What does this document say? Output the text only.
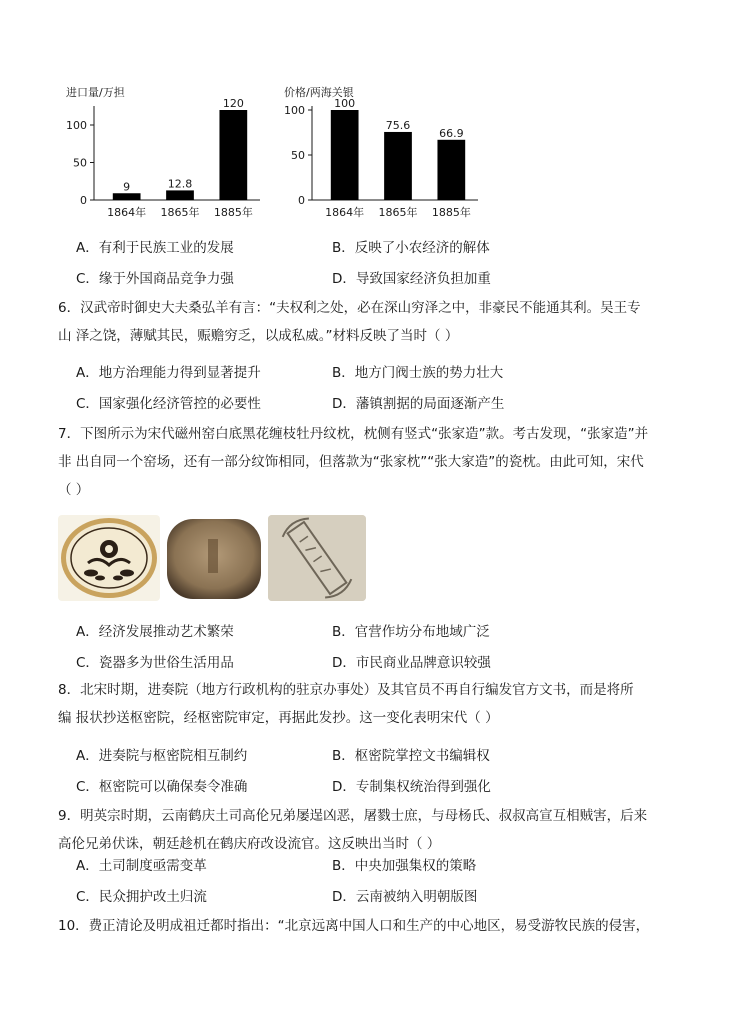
进口量/万担
0
50
100
9
1864年
12.8
1865年
120
1885年
价格/两海关银
0
50
100
100
1864年
75.6
1865年
66.9
1885年
A．有利于民族工业的发展	B．反映了小农经济的解体
C．缘于外国商品竞争力强	D．导致国家经济负担加重
6．汉武帝时御史大夫桑弘羊有言：“夫权利之处，必在深山穷泽之中，非豪民不能通其利。吴王专
山 泽之饶，薄赋其民，赈赡穷乏，以成私威。”材料反映了当时（ ）
A．地方治理能力得到显著提升	B．地方门阀士族的势力壮大
C．国家强化经济管控的必要性	D．藩镇割据的局面逐渐产生
7．下图所示为宋代磁州窑白底黑花缠枝牡丹纹枕，枕侧有竖式“张家造”款。考古发现，“张家造”并
非 出自同一个窑场，还有一部分纹饰相同，但落款为“张家枕”“张大家造”的瓷枕。由此可知，宋代
（ ）
A．经济发展推动艺术繁荣	B．官营作坊分布地域广泛
C．瓷器多为世俗生活用品	D．市民商业品牌意识较强
8．北宋时期，进奏院（地方行政机构的驻京办事处）及其官员不再自行编发官方文书，而是将所
编 报状抄送枢密院，经枢密院审定，再据此发抄。这一变化表明宋代（ ）
A．进奏院与枢密院相互制约	B．枢密院掌控文书编辑权
C．枢密院可以确保奏令准确	D．专制集权统治得到强化
9．明英宗时期，云南鹤庆土司高伦兄弟屡逞凶恶，屠戮士庶，与母杨氏、叔叔高宣互相贼害，后来
高伦兄弟伏诛，朝廷趁机在鹤庆府改设流官。这反映出当时（ ）
A．土司制度亟需变革	B．中央加强集权的策略
C．民众拥护改土归流	D．云南被纳入明朝版图
10．费正清论及明成祖迁都时指出：“北京远离中国人口和生产的中心地区，易受游牧民族的侵害，
